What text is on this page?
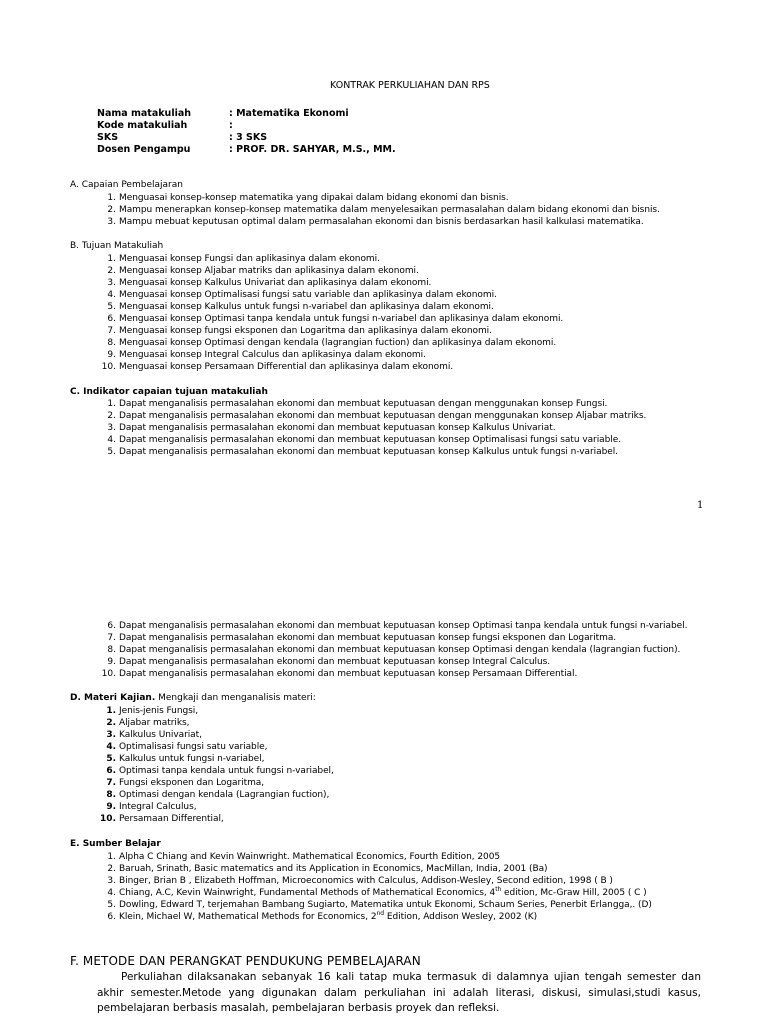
KONTRAK PERKULIAHAN DAN RPS
Nama matakuliah	: Matematika Ekonomi
Kode matakuliah	:
SKS	: 3 SKS
Dosen Pengampu	: PROF. DR. SAHYAR, M.S., MM.
A. Capaian Pembelajaran
1. Menguasai konsep-konsep matematika yang dipakai dalam bidang ekonomi dan bisnis.
2. Mampu menerapkan konsep-konsep matematika dalam menyelesaikan permasalahan dalam bidang ekonomi dan bisnis.
3. Mampu mebuat keputusan optimal dalam permasalahan ekonomi dan bisnis berdasarkan hasil kalkulasi matematika.
B. Tujuan Matakuliah
1. Menguasai konsep Fungsi dan aplikasinya dalam ekonomi.
2. Menguasai konsep Aljabar matriks dan aplikasinya dalam ekonomi.
3. Menguasai konsep Kalkulus Univariat dan aplikasinya dalam ekonomi.
4. Menguasai konsep Optimalisasi fungsi satu variable dan aplikasinya dalam ekonomi.
5. Menguasai konsep Kalkulus untuk fungsi n-variabel dan aplikasinya dalam ekonomi.
6. Menguasai konsep Optimasi tanpa kendala untuk fungsi n-variabel dan aplikasinya dalam ekonomi.
7. Menguasai konsep fungsi eksponen dan Logaritma dan aplikasinya dalam ekonomi.
8. Menguasai konsep Optimasi dengan kendala (lagrangian fuction) dan aplikasinya dalam ekonomi.
9. Menguasai konsep Integral Calculus dan aplikasinya dalam ekonomi.
10. Menguasai konsep Persamaan Differential dan aplikasinya dalam ekonomi.
C. Indikator capaian tujuan matakuliah
1. Dapat menganalisis permasalahan ekonomi dan membuat keputuasan dengan menggunakan konsep Fungsi.
2. Dapat menganalisis permasalahan ekonomi dan membuat keputuasan dengan menggunakan konsep Aljabar matriks.
3. Dapat menganalisis permasalahan ekonomi dan membuat keputuasan konsep Kalkulus Univariat.
4. Dapat menganalisis permasalahan ekonomi dan membuat keputuasan konsep Optimalisasi fungsi satu variable.
5. Dapat menganalisis permasalahan ekonomi dan membuat keputuasan konsep Kalkulus untuk fungsi n-variabel.
1
6. Dapat menganalisis permasalahan ekonomi dan membuat keputuasan konsep Optimasi tanpa kendala untuk fungsi n-variabel.
7. Dapat menganalisis permasalahan ekonomi dan membuat keputuasan konsep fungsi eksponen dan Logaritma.
8. Dapat menganalisis permasalahan ekonomi dan membuat keputuasan konsep Optimasi dengan kendala (lagrangian fuction).
9. Dapat menganalisis permasalahan ekonomi dan membuat keputuasan konsep Integral Calculus.
10. Dapat menganalisis permasalahan ekonomi dan membuat keputuasan konsep Persamaan Differential.
D. Materi Kajian. Mengkaji dan menganalisis materi:
1. Jenis-jenis Fungsi,
2. Aljabar matriks,
3. Kalkulus Univariat,
4. Optimalisasi fungsi satu variable,
5. Kalkulus untuk fungsi n-variabel,
6. Optimasi tanpa kendala untuk fungsi n-variabel,
7. Fungsi eksponen dan Logaritma,
8. Optimasi dengan kendala (Lagrangian fuction),
9. Integral Calculus,
10. Persamaan Differential,
E. Sumber Belajar
1. Alpha C Chiang and Kevin Wainwright. Mathematical Economics, Fourth Edition, 2005
2. Baruah, Srinath, Basic matematics and its Application in Economics, MacMillan, India, 2001 (Ba)
3. Binger, Brian B , Elizabeth Hoffman, Microeconomics with Calculus, Addison-Wesley, Second edition, 1998 ( B )
4. Chiang, A.C, Kevin Wainwright, Fundamental Methods of Mathematical Economics, 4th edition, Mc-Graw Hill, 2005 ( C )
5. Dowling, Edward T, terjemahan Bambang Sugiarto, Matematika untuk Ekonomi, Schaum Series, Penerbit Erlangga,. (D)
6. Klein, Michael W, Mathematical Methods for Economics, 2nd Edition, Addison Wesley, 2002 (K)
F. METODE DAN PERANGKAT PENDUKUNG PEMBELAJARAN
Perkuliahan dilaksanakan sebanyak 16 kali tatap muka termasuk di dalamnya ujian tengah semester dan akhir semester.Metode yang digunakan dalam perkuliahan ini adalah literasi, diskusi, simulasi,studi kasus, pembelajaran berbasis masalah, pembelajaran berbasis proyek dan refleksi.
